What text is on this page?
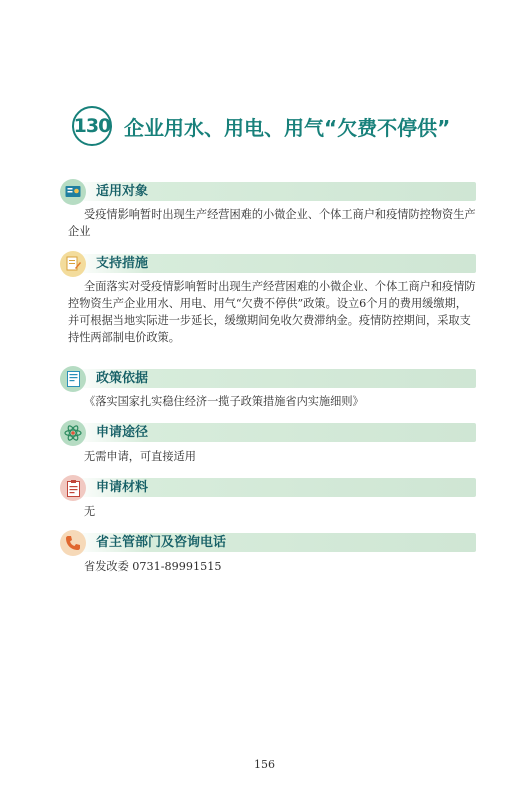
130 企业用水、用电、用气“欠费不停供”
适用对象
受疫情影响暂时出现生产经营困难的小微企业、个体工商户和疫情防控物资生产企业
支持措施
全面落实对受疫情影响暂时出现生产经营困难的小微企业、个体工商户和疫情防控物资生产企业用水、用电、用气“欠费不停供”政策。设立6个月的费用缓缴期，并可根据当地实际进一步延长，缓缴期间免收欠费滞纳金。疫情防控期间，采取支持性两部制电价政策。
政策依据
《落实国家扎实稳住经济一揽子政策措施省内实施细则》
申请途径
无需申请，可直接适用
申请材料
无
省主管部门及咨询电话
省发改委 0731-89991515
156
